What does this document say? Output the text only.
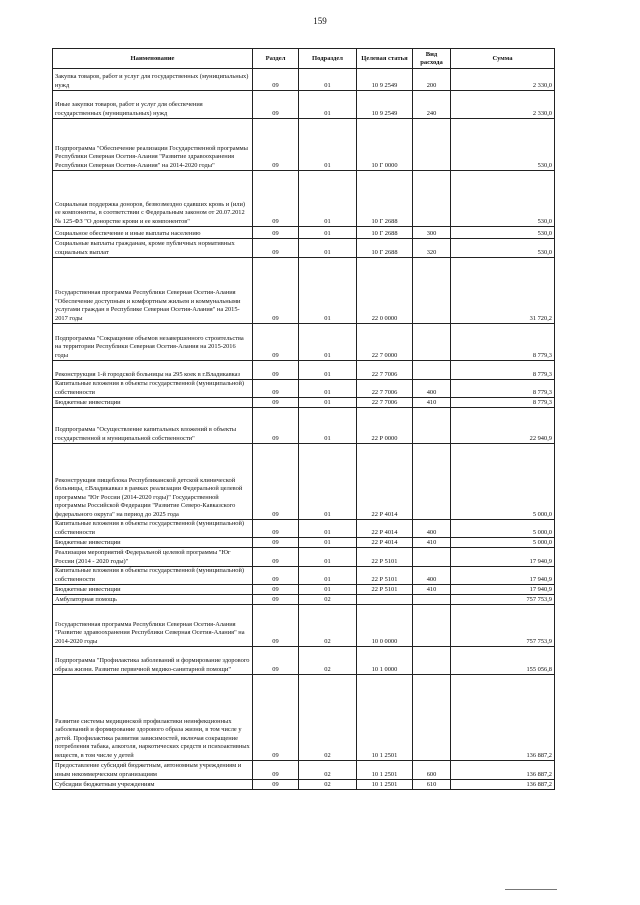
159
Наименование	Раздел	Подраздел	Целевая статья	Вид расхода	Сумма
Закупка товаров, работ и услуг для государственных (муниципальных) нужд	09	01	10 9 2549	200	2 330,0
Иные закупки товаров, работ и услуг для обеспечения государственных (муниципальных) нужд	09	01	10 9 2549	240	2 330,0
Подпрограмма "Обеспечение реализации Государственной программы Республики Северная Осетия-Алания "Развитие здравоохранения Республики Северная Осетия-Алания" на 2014-2020 годы"	09	01	10 Г 0000		530,0
Социальная поддержка доноров, безвозмездно сдавших кровь и (или) ее компоненты, в соответствии с Федеральным законом от 20.07.2012 № 125-ФЗ "О донорстве крови и ее компонентов"	09	01	10 Г 2688		530,0
Социальное обеспечение и иные выплаты населению	09	01	10 Г 2688	300	530,0
Социальные выплаты гражданам, кроме публичных нормативных социальных выплат	09	01	10 Г 2688	320	530,0
Государственная программа Республики Северная Осетия-Алания "Обеспечение доступным и комфортным жильем и коммунальными услугами граждан в Республике Северная Осетия-Алания" на 2015-2017 годы	09	01	22 0 0000		31 720,2
Подпрограмма "Сокращение объемов незавершенного строительства на территории Республики Северная Осетия-Алания на 2015-2016 годы	09	01	22 7 0000		8 779,3
Реконструкция 1-й городской больницы на 295 коек в г.Владикавказ	09	01	22 7 7006		8 779,3
Капитальные вложения в объекты государственной (муниципальной) собственности	09	01	22 7 7006	400	8 779,3
Бюджетные инвестиции	09	01	22 7 7006	410	8 779,3
Подпрограмма "Осуществление капитальных вложений в объекты государственной и муниципальной собственности"	09	01	22 Р 0000		22 940,9
Реконструкция пищеблока Республиканской детской клинической больницы, г.Владикавказ в рамках реализации Федеральной целевой программы "Юг России (2014-2020 годы)" Государственной программы Российской Федерации "Развитие Северо-Кавказского федерального округа" на период до 2025 года	09	01	22 Р 4014		5 000,0
Капитальные вложения в объекты государственной (муниципальной) собственности	09	01	22 Р 4014	400	5 000,0
Бюджетные инвестиции	09	01	22 Р 4014	410	5 000,0
Реализация мероприятий Федеральной целевой программы "Юг России (2014 - 2020 годы)"	09	01	22 Р 5101		17 940,9
Капитальные вложения в объекты государственной (муниципальной) собственности	09	01	22 Р 5101	400	17 940,9
Бюджетные инвестиции	09	01	22 Р 5101	410	17 940,9
Амбулаторная помощь	09	02			757 753,9
Государственная программа Республики Северная Осетия-Алания "Развитие здравоохранения Республики Северная Осетия-Алания" на 2014-2020 годы	09	02	10 0 0000		757 753,9
Подпрограмма "Профилактика заболеваний и формирование здорового образа жизни. Развитие первичной медико-санитарной помощи"	09	02	10 1 0000		155 056,8
Развитие системы медицинской профилактики неинфекционных заболеваний и формирование здорового образа жизни, в том числе у детей. Профилактика развития зависимостей, включая сокращение потребления табака, алкоголя, наркотических средств и психоактивных веществ, в том числе у детей	09	02	10 1 2501		136 887,2
Предоставление субсидий бюджетным, автономным учреждениям и иным некоммерческим организациям	09	02	10 1 2501	600	136 887,2
Субсидии бюджетным учреждениям	09	02	10 1 2501	610	136 887,2
